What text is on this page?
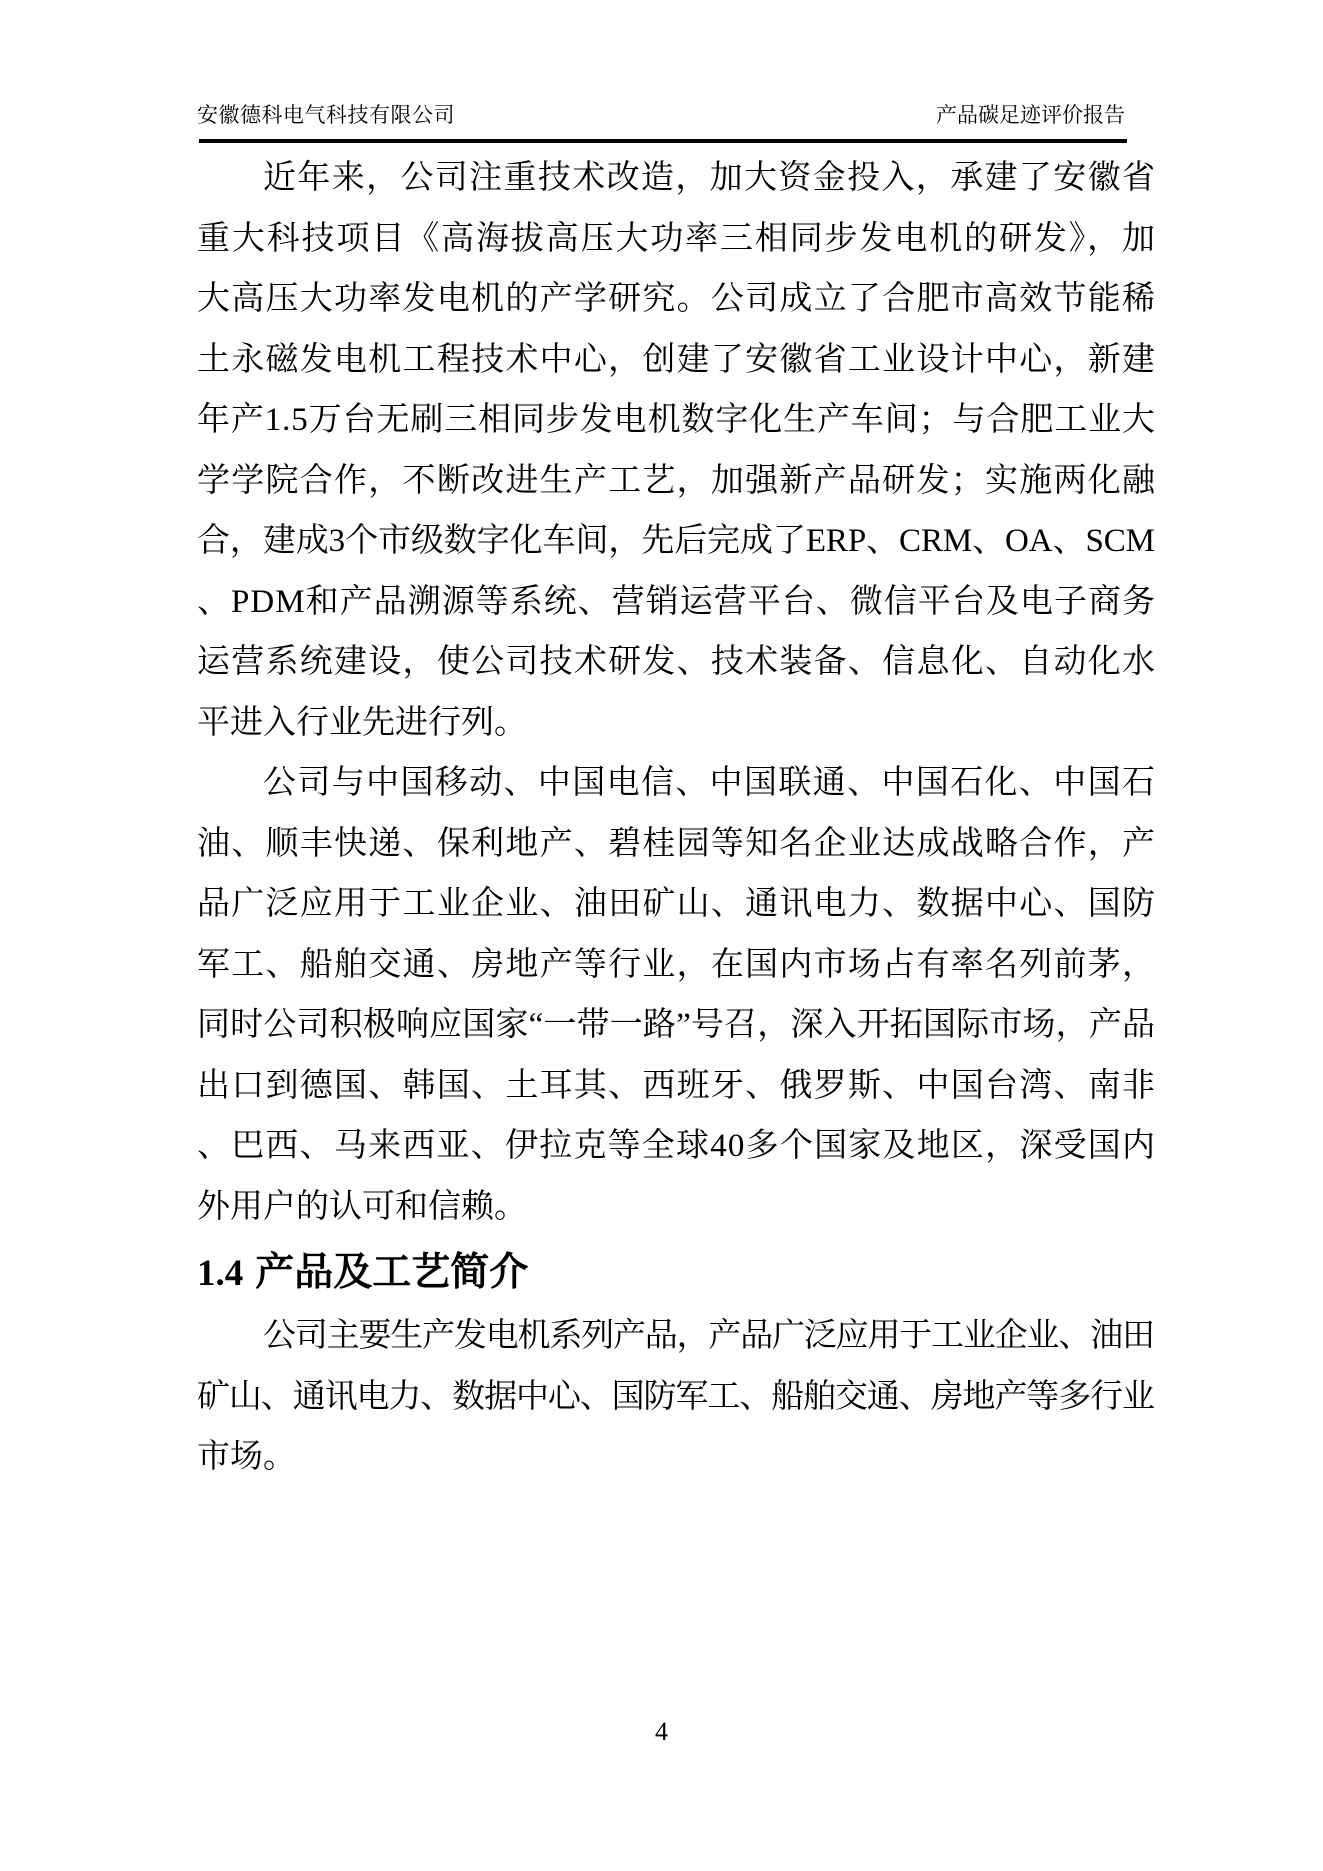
安徽德科电气科技有限公司	产品碳足迹评价报告
近年来，公司注重技术改造，加大资金投入，承建了安徽省
重大科技项目《高海拔高压大功率三相同步发电机的研发》，加
大高压大功率发电机的产学研究。公司成立了合肥市高效节能稀
土永磁发电机工程技术中心，创建了安徽省工业设计中心，新建
年产1.5万台无刷三相同步发电机数字化生产车间；与合肥工业大
学学院合作，不断改进生产工艺，加强新产品研发；实施两化融
合，建成3个市级数字化车间，先后完成了ERP、CRM、OA、SCM
、PDM和产品溯源等系统、营销运营平台、微信平台及电子商务
运营系统建设，使公司技术研发、技术装备、信息化、自动化水
平进入行业先进行列。
公司与中国移动、中国电信、中国联通、中国石化、中国石
油、顺丰快递、保利地产、碧桂园等知名企业达成战略合作，产
品广泛应用于工业企业、油田矿山、通讯电力、数据中心、国防
军工、船舶交通、房地产等行业，在国内市场占有率名列前茅，
同时公司积极响应国家“一带一路”号召，深入开拓国际市场，产品
出口到德国、韩国、土耳其、西班牙、俄罗斯、中国台湾、南非
、巴西、马来西亚、伊拉克等全球40多个国家及地区，深受国内
外用户的认可和信赖。
1.4 产品及工艺简介
公司主要生产发电机系列产品，产品广泛应用于工业企业、油田
矿山、通讯电力、数据中心、国防军工、船舶交通、房地产等多行业
市场。
4
